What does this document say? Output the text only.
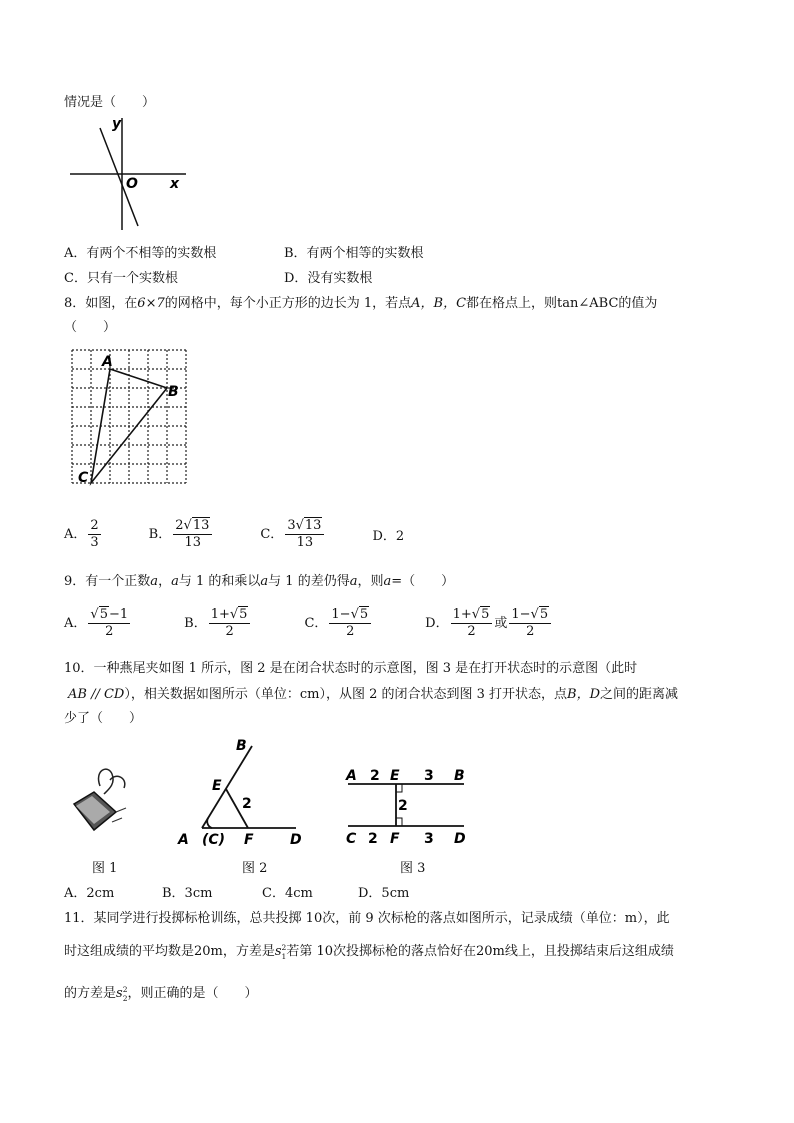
情况是（　　）
y
x
O
A．有两个不相等的实数根	B．有两个相等的实数根
C．只有一个实数根	D．没有实数根
8．如图，在6×7的网格中，每个小正方形的边长为 1，若点A，B，C都在格点上，则tan∠ABC的值为
（　　）
A
B
C
A． $\frac{2}{3}$	B． $\frac{2√13}{13}$	C． $\frac{3√13}{13}$	D．2
9．有一个正数a，a与 1 的和乘以a与 1 的差仍得a，则a=（　　）
A． $\frac{√5-1}{2}$	B． $\frac{1+√5}{2}$	C． $\frac{1-√5}{2}$	D． $\frac{1+√5}{2}$ 或 $\frac{1-√5}{2}$
10．一种燕尾夹如图 1 所示，图 2 是在闭合状态时的示意图，图 3 是在打开状态时的示意图（此时
AB // CD），相关数据如图所示（单位：cm），从图 2 的闭合状态到图 3 打开状态，点B，D之间的距离减
少了（　　）
图 1
B
E
2
A (C) F	D
图 2
A 2 E 3 B
2
C 2 F 3 D
图 3
A．2cm	B．3cm	C．4cm	D．5cm
11．某同学进行投掷标枪训练，总共投掷 10次，前 9 次标枪的落点如图所示，记录成绩（单位：m），此
时这组成绩的平均数是20m，方差是s 2
1 若第 10次投掷标枪的落点恰好在20m线上，且投掷结束后这组成绩
的方差是s 2
2 ，则正确的是（　　）
